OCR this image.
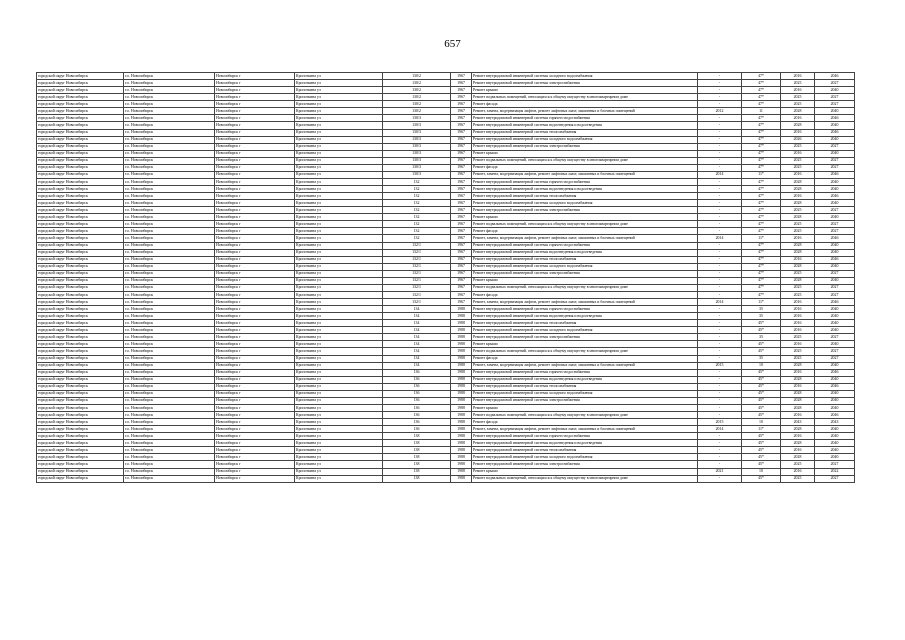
657
городской округ Новосибирск	г.о. Новосибирск	Новосибирск г	Кропоткина ул	130/2	1967	Ремонт внутридомовой инженерной системы холодного водоснабжения	-	47*	2016	2046
городской округ Новосибирск	г.о. Новосибирск	Новосибирск г	Кропоткина ул	130/2	1967	Ремонт внутридомовой инженерной системы электроснабжения	-	47*	2025	2027
городской округ Новосибирск	г.о. Новосибирск	Новосибирск г	Кропоткина ул	130/2	1967	Ремонт крыши	-	47*	2016	2040
городской округ Новосибирск	г.о. Новосибирск	Новосибирск г	Кропоткина ул	130/2	1967	Ремонт подвальных помещений, относящихся к общему имуществу в многоквартирном доме	-	47*	2025	2027
городской округ Новосибирск	г.о. Новосибирск	Новосибирск г	Кропоткина ул	130/2	1967	Ремонт фасада	-	47*	2025	2027
городской округ Новосибирск	г.о. Новосибирск	Новосибирск г	Кропоткина ул	130/2	1967	Ремонт, замена, модернизация лифтов, ремонт лифтовых шахт, машинных и блочных помещений	2012	11	2028	2040
городской округ Новосибирск	г.о. Новосибирск	Новосибирск г	Кропоткина ул	130/3	1967	Ремонт внутридомовой инженерной системы горячего водоснабжения	-	47*	2016	2046
городской округ Новосибирск	г.о. Новосибирск	Новосибирск г	Кропоткина ул	130/3	1967	Ремонт внутридомовой инженерной системы водоотведения и водоотведения	-	47*	2028	2040
городской округ Новосибирск	г.о. Новосибирск	Новосибирск г	Кропоткина ул	130/3	1967	Ремонт внутридомовой инженерной системы теплоснабжения	-	47*	2016	2046
городской округ Новосибирск	г.о. Новосибирск	Новосибирск г	Кропоткина ул	130/3	1967	Ремонт внутридомовой инженерной системы холодного водоснабжения	-	47*	2026	2040
городской округ Новосибирск	г.о. Новосибирск	Новосибирск г	Кропоткина ул	130/3	1967	Ремонт внутридомовой инженерной системы электроснабжения	-	47*	2025	2027
городской округ Новосибирск	г.о. Новосибирск	Новосибирск г	Кропоткина ул	130/3	1967	Ремонт крыши	-	47*	2016	2040
городской округ Новосибирск	г.о. Новосибирск	Новосибирск г	Кропоткина ул	130/3	1967	Ремонт подвальных помещений, относящихся к общему имуществу в многоквартирном доме	-	47*	2025	2027
городской округ Новосибирск	г.о. Новосибирск	Новосибирск г	Кропоткина ул	130/3	1967	Ремонт фасада	-	47*	2025	2027
городской округ Новосибирск	г.о. Новосибирск	Новосибирск г	Кропоткина ул	130/3	1967	Ремонт, замена, модернизация лифтов, ремонт лифтовых шахт, машинных и блочных помещений	2014	11*	2016	2046
городской округ Новосибирск	г.о. Новосибирск	Новосибирск г	Кропоткина ул	132	1967	Ремонт внутридомовой инженерной системы горячего водоснабжения	-	47*	2028	2040
городской округ Новосибирск	г.о. Новосибирск	Новосибирск г	Кропоткина ул	132	1967	Ремонт внутридомовой инженерной системы водоотведения и водоотведения	-	47*	2028	2040
городской округ Новосибирск	г.о. Новосибирск	Новосибирск г	Кропоткина ул	132	1967	Ремонт внутридомовой инженерной системы теплоснабжения	-	47*	2016	2046
городской округ Новосибирск	г.о. Новосибирск	Новосибирск г	Кропоткина ул	132	1967	Ремонт внутридомовой инженерной системы холодного водоснабжения	-	47*	2028	2040
городской округ Новосибирск	г.о. Новосибирск	Новосибирск г	Кропоткина ул	132	1967	Ремонт внутридомовой инженерной системы электроснабжения	-	47*	2025	2027
городской округ Новосибирск	г.о. Новосибирск	Новосибирск г	Кропоткина ул	132	1967	Ремонт крыши	-	47*	2028	2040
городской округ Новосибирск	г.о. Новосибирск	Новосибирск г	Кропоткина ул	132	1967	Ремонт подвальных помещений, относящихся к общему имуществу в многоквартирном доме	-	47*	2025	2027
городской округ Новосибирск	г.о. Новосибирск	Новосибирск г	Кропоткина ул	132	1967	Ремонт фасада	-	47*	2025	2027
городской округ Новосибирск	г.о. Новосибирск	Новосибирск г	Кропоткина ул	132	1967	Ремонт, замена, модернизация лифтов, ремонт лифтовых шахт, машинных и блочных помещений	2014	11*	2016	2046
городской округ Новосибирск	г.о. Новосибирск	Новосибирск г	Кропоткина ул	132/1	1967	Ремонт внутридомовой инженерной системы горячего водоснабжения	-	47*	2028	2040
городской округ Новосибирск	г.о. Новосибирск	Новосибирск г	Кропоткина ул	132/1	1967	Ремонт внутридомовой инженерной системы водоотведения и водоотведения	-	47*	2028	2040
городской округ Новосибирск	г.о. Новосибирск	Новосибирск г	Кропоткина ул	132/1	1967	Ремонт внутридомовой инженерной системы теплоснабжения	-	47*	2016	2046
городской округ Новосибирск	г.о. Новосибирск	Новосибирск г	Кропоткина ул	132/1	1967	Ремонт внутридомовой инженерной системы холодного водоснабжения	-	47*	2028	2040
городской округ Новосибирск	г.о. Новосибирск	Новосибирск г	Кропоткина ул	132/1	1967	Ремонт внутридомовой инженерной системы электроснабжения	-	47*	2025	2027
городской округ Новосибирск	г.о. Новосибирск	Новосибирск г	Кропоткина ул	132/1	1967	Ремонт крыши	-	47*	2028	2040
городской округ Новосибирск	г.о. Новосибирск	Новосибирск г	Кропоткина ул	132/1	1967	Ремонт подвальных помещений, относящихся к общему имуществу в многоквартирном доме	-	47*	2025	2027
городской округ Новосибирск	г.о. Новосибирск	Новосибирск г	Кропоткина ул	132/1	1967	Ремонт фасада	-	47*	2025	2027
городской округ Новосибирск	г.о. Новосибирск	Новосибирск г	Кропоткина ул	132/1	1967	Ремонт, замена, модернизация лифтов, ремонт лифтовых шахт, машинных и блочных помещений	2014	11*	2016	2046
городской округ Новосибирск	г.о. Новосибирск	Новосибирск г	Кропоткина ул	134	1988	Ремонт внутридомовой инженерной системы горячего водоснабжения	-	35	2016	2040
городской округ Новосибирск	г.о. Новосибирск	Новосибирск г	Кропоткина ул	134	1988	Ремонт внутридомовой инженерной системы водоотведения и водоотведения	-	35	2016	2040
городской округ Новосибирск	г.о. Новосибирск	Новосибирск г	Кропоткина ул	134	1988	Ремонт внутридомовой инженерной системы теплоснабжения	-	45*	2016	2040
городской округ Новосибирск	г.о. Новосибирск	Новосибирск г	Кропоткина ул	134	1988	Ремонт внутридомовой инженерной системы холодного водоснабжения	-	45*	2016	2040
городской округ Новосибирск	г.о. Новосибирск	Новосибирск г	Кропоткина ул	134	1988	Ремонт внутридомовой инженерной системы электроснабжения	-	35	2025	2027
городской округ Новосибирск	г.о. Новосибирск	Новосибирск г	Кропоткина ул	134	1988	Ремонт крыши	-	45*	2016	2040
городской округ Новосибирск	г.о. Новосибирск	Новосибирск г	Кропоткина ул	134	1988	Ремонт подвальных помещений, относящихся к общему имуществу в многоквартирном доме	-	45*	2025	2027
городской округ Новосибирск	г.о. Новосибирск	Новосибирск г	Кропоткина ул	134	1988	Ремонт фасада	-	35	2025	2027
городской округ Новосибирск	г.о. Новосибирск	Новосибирск г	Кропоткина ул	134	1988	Ремонт, замена, модернизация лифтов, ремонт лифтовых шахт, машинных и блочных помещений	2015	10	2028	2040
городской округ Новосибирск	г.о. Новосибирск	Новосибирск г	Кропоткина ул	136	1988	Ремонт внутридомовой инженерной системы горячего водоснабжения	-	45*	2016	2046
городской округ Новосибирск	г.о. Новосибирск	Новосибирск г	Кропоткина ул	136	1988	Ремонт внутридомовой инженерной системы водоотведения и водоотведения	-	45*	2028	2040
городской округ Новосибирск	г.о. Новосибирск	Новосибирск г	Кропоткина ул	136	1988	Ремонт внутридомовой инженерной системы теплоснабжения	-	45*	2016	2046
городской округ Новосибирск	г.о. Новосибирск	Новосибирск г	Кропоткина ул	136	1988	Ремонт внутридомовой инженерной системы холодного водоснабжения	-	45*	2028	2040
городской округ Новосибирск	г.о. Новосибирск	Новосибирск г	Кропоткина ул	136	1988	Ремонт внутридомовой инженерной системы электроснабжения	-	45*	2028	2040
городской округ Новосибирск	г.о. Новосибирск	Новосибирск г	Кропоткина ул	136	1988	Ремонт крыши	-	45*	2028	2040
городской округ Новосибирск	г.о. Новосибирск	Новосибирск г	Кропоткина ул	136	1988	Ремонт подвальных помещений, относящихся к общему имуществу в многоквартирном доме	-	45*	2016	2046
городской округ Новосибирск	г.о. Новосибирск	Новосибирск г	Кропоткина ул	136	1988	Ремонт фасада	2015	10	2043	2043
городской округ Новосибирск	г.о. Новосибирск	Новосибирск г	Кропоткина ул	136	1988	Ремонт, замена, модернизация лифтов, ремонт лифтовых шахт, машинных и блочных помещений	2014	11*	2028	2040
городской округ Новосибирск	г.о. Новосибирск	Новосибирск г	Кропоткина ул	138	1988	Ремонт внутридомовой инженерной системы горячего водоснабжения	-	45*	2016	2040
городской округ Новосибирск	г.о. Новосибирск	Новосибирск г	Кропоткина ул	138	1988	Ремонт внутридомовой инженерной системы водоотведения и водоотведения	-	45*	2028	2040
городской округ Новосибирск	г.о. Новосибирск	Новосибирск г	Кропоткина ул	138	1988	Ремонт внутридомовой инженерной системы теплоснабжения	-	45*	2016	2040
городской округ Новосибирск	г.о. Новосибирск	Новосибирск г	Кропоткина ул	138	1988	Ремонт внутридомовой инженерной системы холодного водоснабжения	-	45*	2028	2040
городской округ Новосибирск	г.о. Новосибирск	Новосибирск г	Кропоткина ул	138	1988	Ремонт внутридомовой инженерной системы электроснабжения	-	45*	2025	2027
городской округ Новосибирск	г.о. Новосибирск	Новосибирск г	Кропоткина ул	138	1988	Ремонт крыши	2021	10	2016	2022
городской округ Новосибирск	г.о. Новосибирск	Новосибирск г	Кропоткина ул	138	1988	Ремонт подвальных помещений, относящихся к общему имуществу в многоквартирном доме	-	45*	2025	2027
